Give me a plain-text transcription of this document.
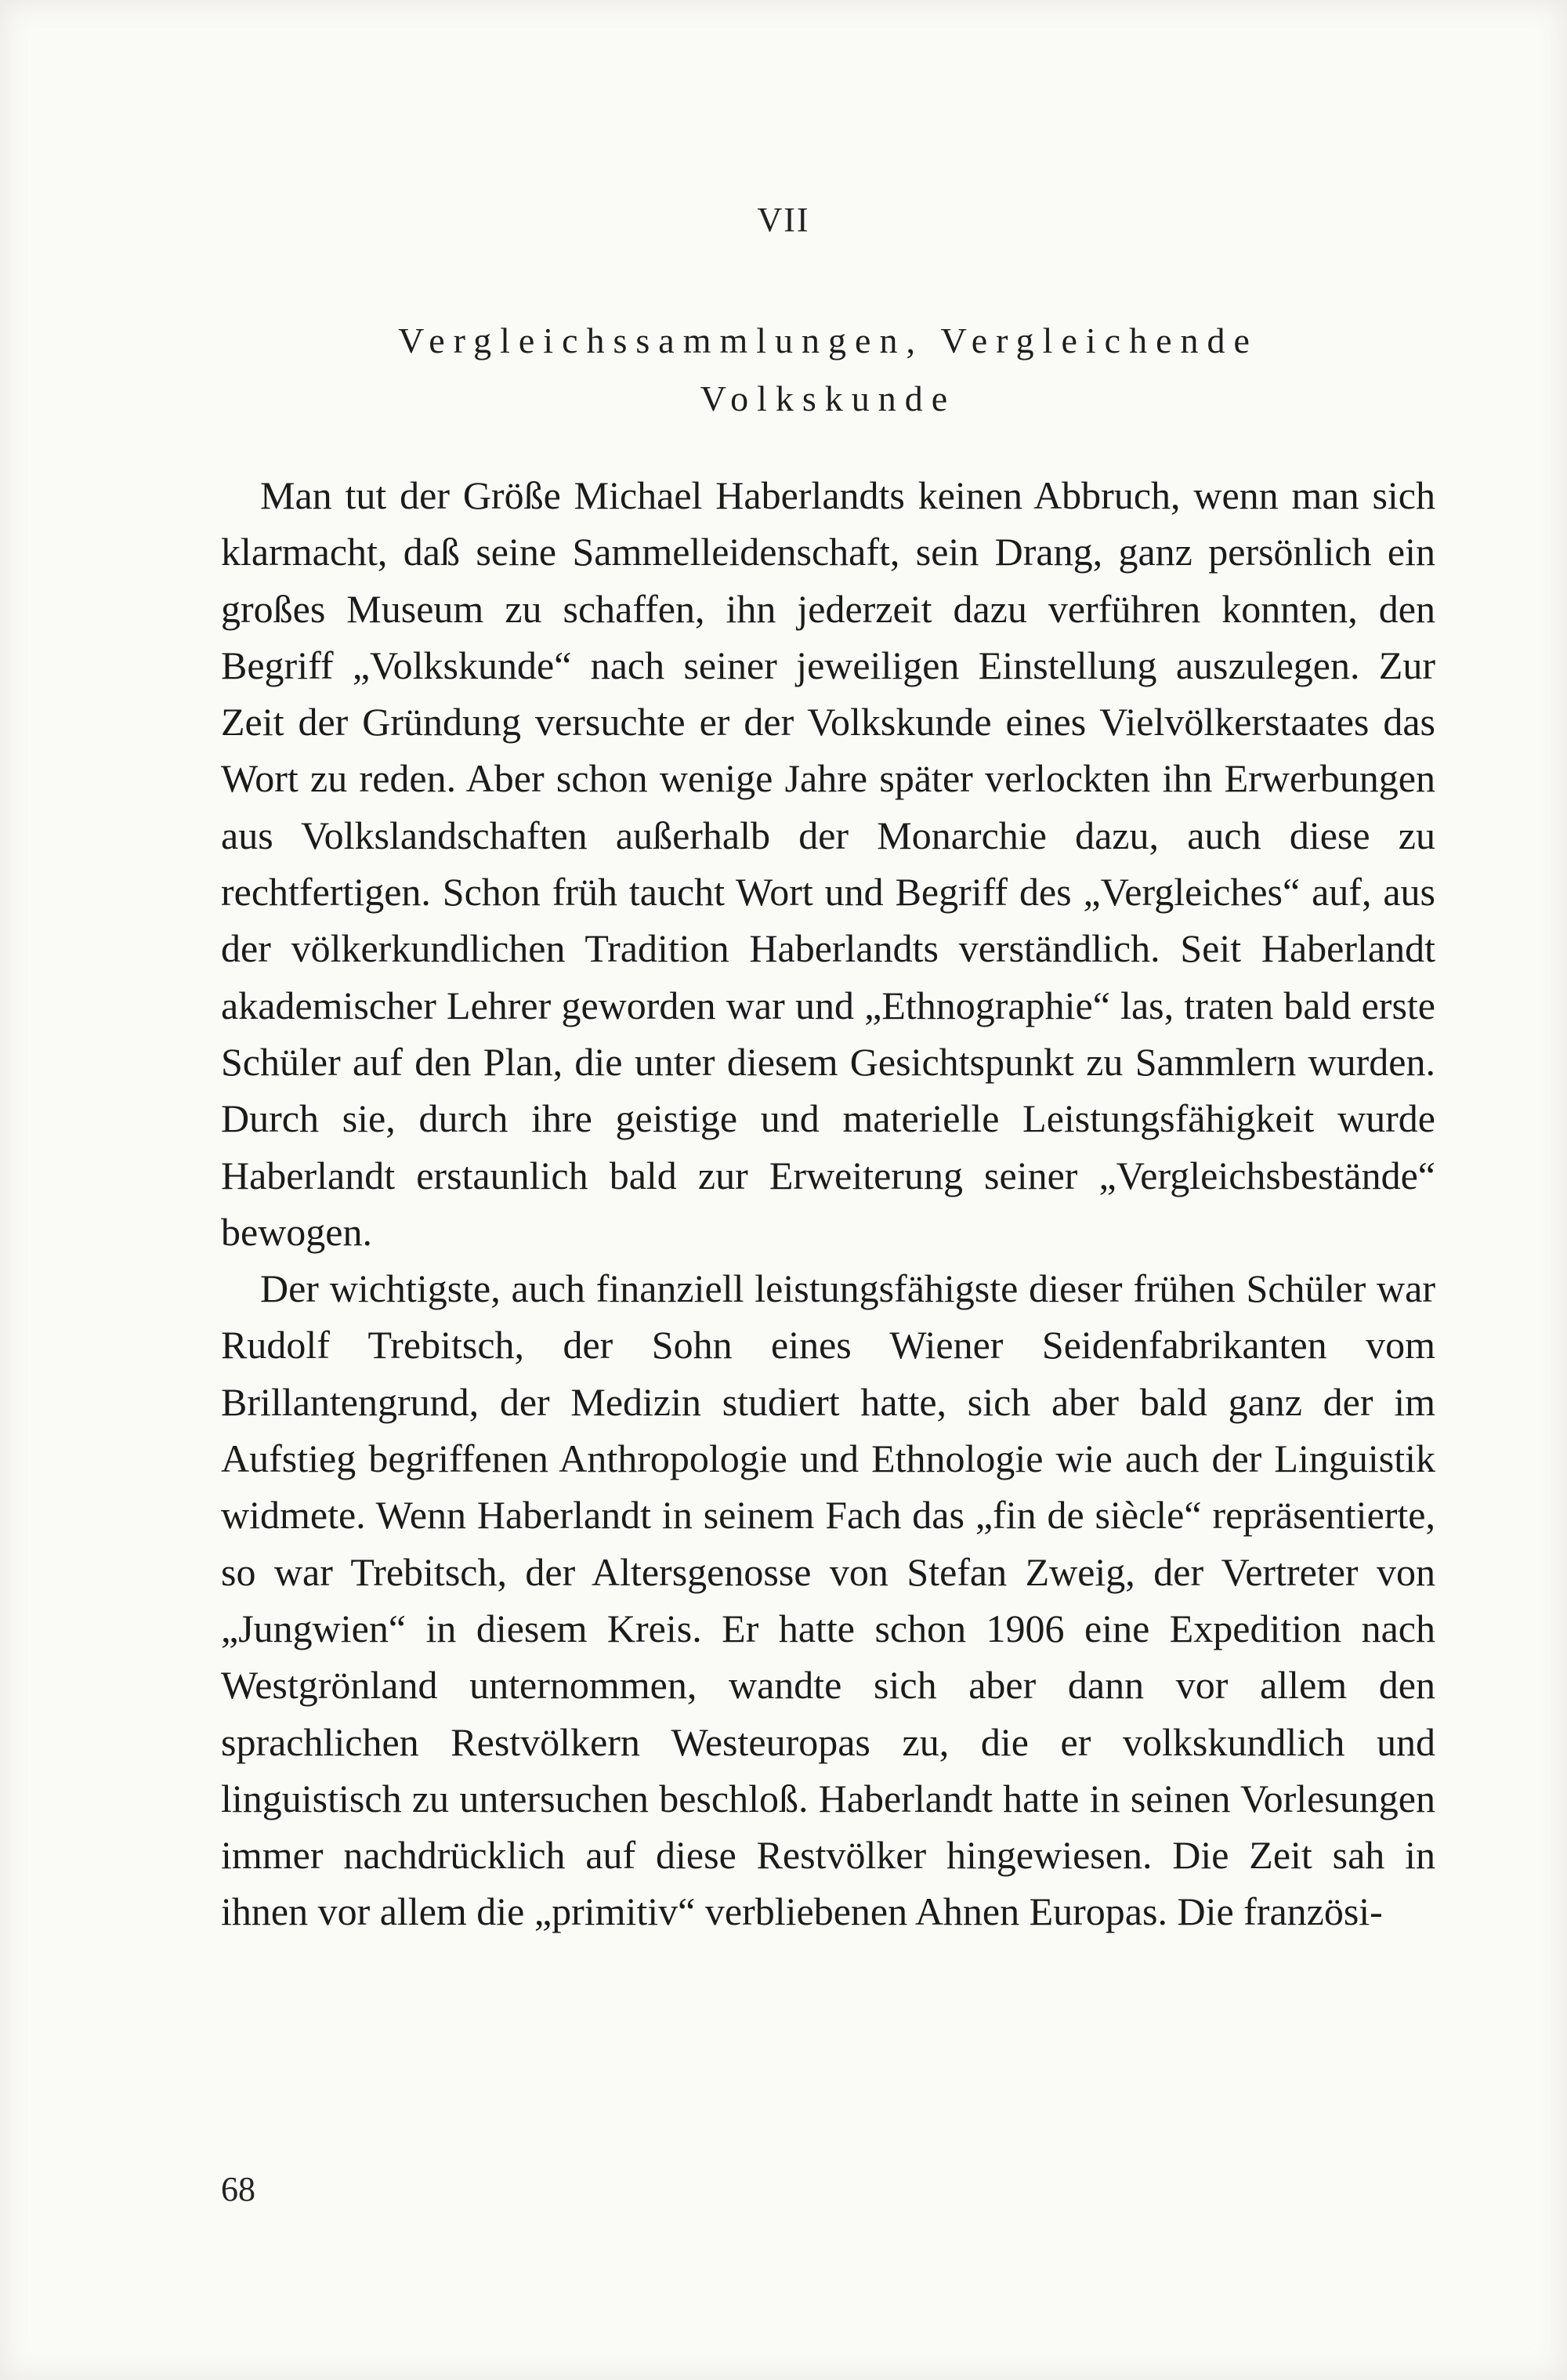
VII
Vergleichssammlungen, Vergleichende
Volkskunde

Man tut der Größe Michael Haberlandts keinen Abbruch, wenn man sich klarmacht, daß seine Sammelleidenschaft, sein Drang, ganz persönlich ein großes Museum zu schaffen, ihn jederzeit dazu verführen konnten, den Begriff „Volkskunde“ nach seiner jeweiligen Einstellung auszulegen. Zur Zeit der Gründung versuchte er der Volkskunde eines Vielvölkerstaates das Wort zu reden. Aber schon wenige Jahre später verlockten ihn Erwerbungen aus Volkslandschaften außerhalb der Monarchie dazu, auch diese zu rechtfertigen. Schon früh taucht Wort und Begriff des „Vergleiches“ auf, aus der völkerkundlichen Tradition Haberlandts verständlich. Seit Haberlandt akademischer Lehrer geworden war und „Ethnographie“ las, traten bald erste Schüler auf den Plan, die unter diesem Gesichtspunkt zu Sammlern wurden. Durch sie, durch ihre geistige und materielle Leistungsfähigkeit wurde Haberlandt erstaunlich bald zur Erweiterung seiner „Vergleichsbestände“ bewogen.

Der wichtigste, auch finanziell leistungsfähigste dieser frühen Schüler war Rudolf Trebitsch, der Sohn eines Wiener Seidenfabrikanten vom Brillantengrund, der Medizin studiert hatte, sich aber bald ganz der im Aufstieg begriffenen Anthropologie und Ethnologie wie auch der Linguistik widmete. Wenn Haberlandt in seinem Fach das „fin de siècle“ repräsentierte, so war Trebitsch, der Altersgenosse von Stefan Zweig, der Vertreter von „Jungwien“ in diesem Kreis. Er hatte schon 1906 eine Expedition nach Westgrönland unternommen, wandte sich aber dann vor allem den sprachlichen Restvölkern Westeuropas zu, die er volkskundlich und linguistisch zu untersuchen beschloß. Haberlandt hatte in seinen Vorlesungen immer nachdrücklich auf diese Restvölker hingewiesen. Die Zeit sah in ihnen vor allem die „primitiv“ verbliebenen Ahnen Europas. Die französi-

68
